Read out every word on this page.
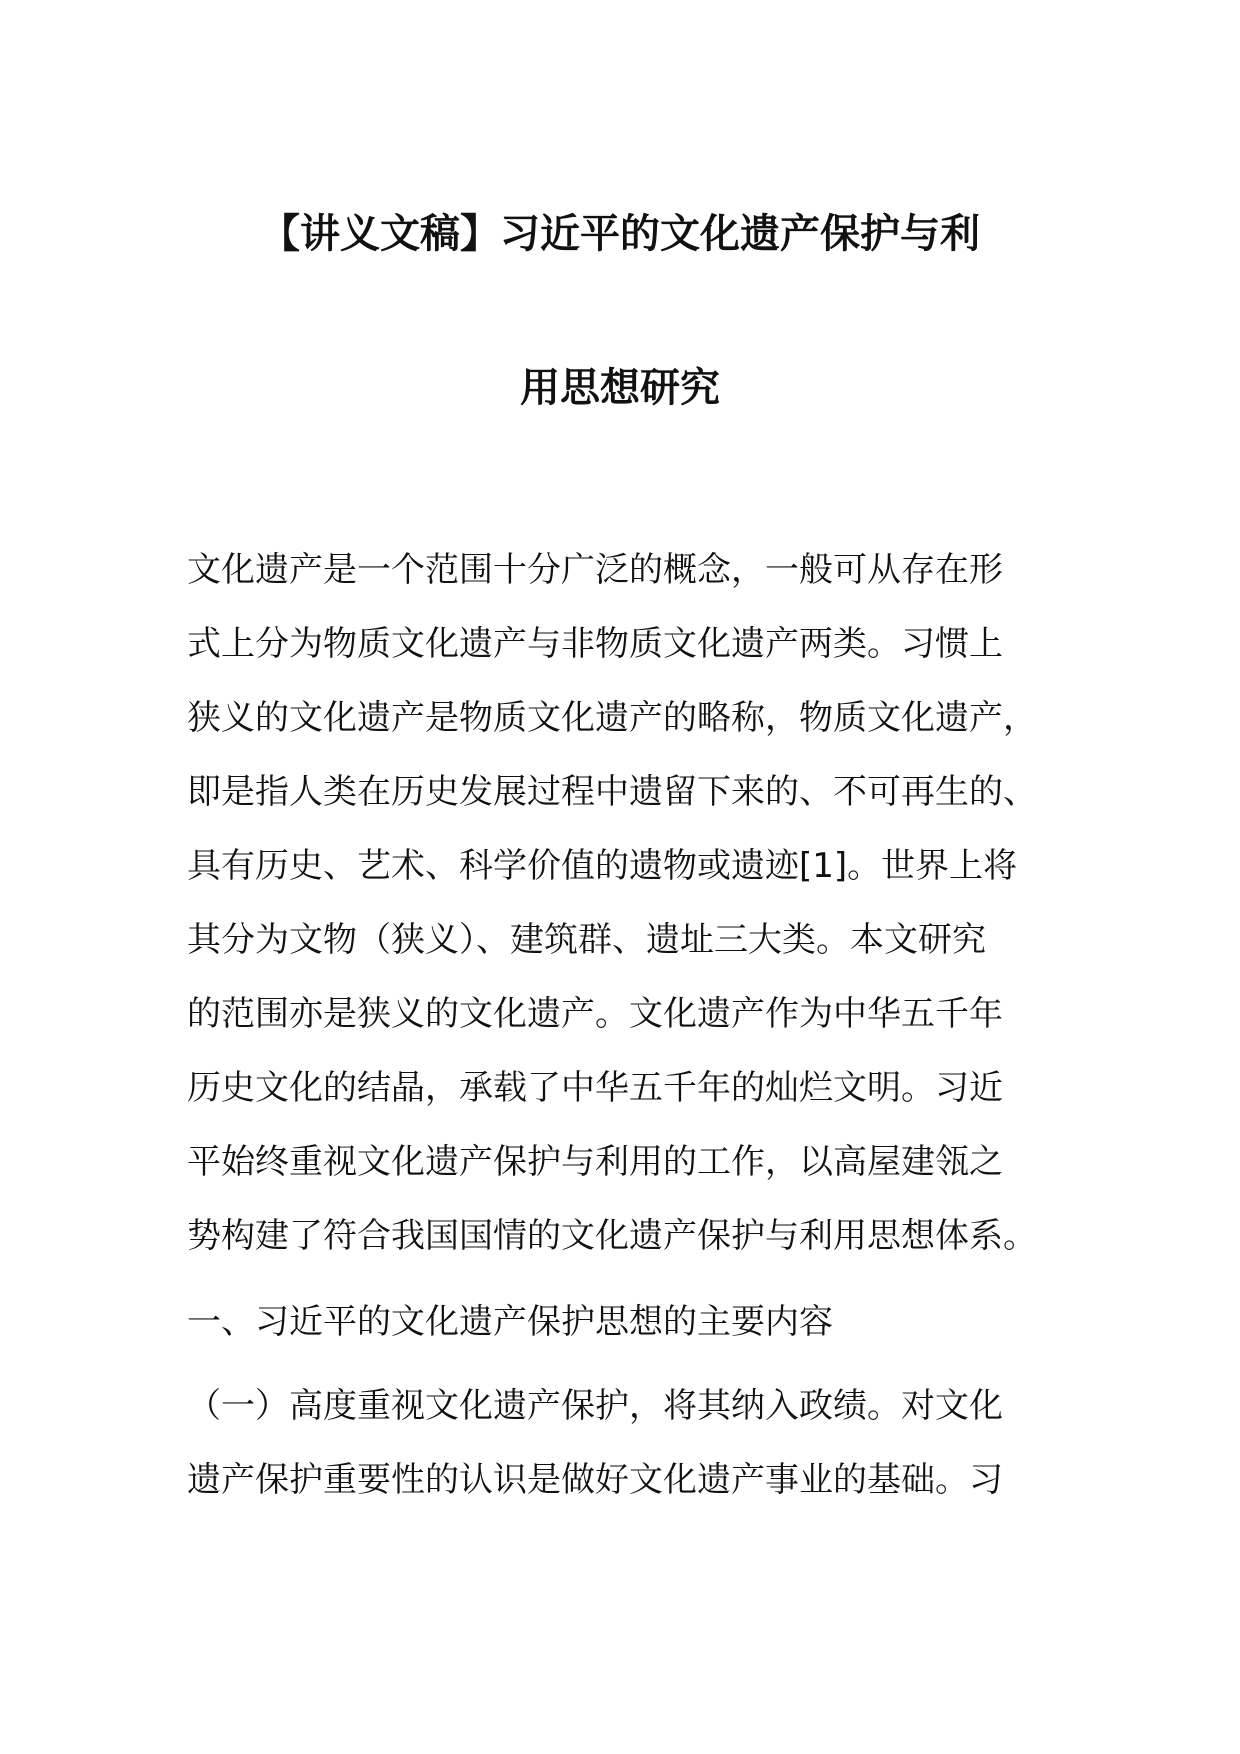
【讲义文稿】习近平的文化遗产保护与利
用思想研究
文化遗产是一个范围十分广泛的概念，一般可从存在形
式上分为物质文化遗产与非物质文化遗产两类。习惯上
狭义的文化遗产是物质文化遗产的略称，物质文化遗产，
即是指人类在历史发展过程中遗留下来的、不可再生的、
具有历史、艺术、科学价值的遗物或遗迹[1]。世界上将
其分为文物（狭义）、建筑群、遗址三大类。本文研究
的范围亦是狭义的文化遗产。文化遗产作为中华五千年
历史文化的结晶，承载了中华五千年的灿烂文明。习近
平始终重视文化遗产保护与利用的工作，以高屋建瓴之
势构建了符合我国国情的文化遗产保护与利用思想体系。
一、习近平的文化遗产保护思想的主要内容
（一）高度重视文化遗产保护，将其纳入政绩。对文化
遗产保护重要性的认识是做好文化遗产事业的基础。习
